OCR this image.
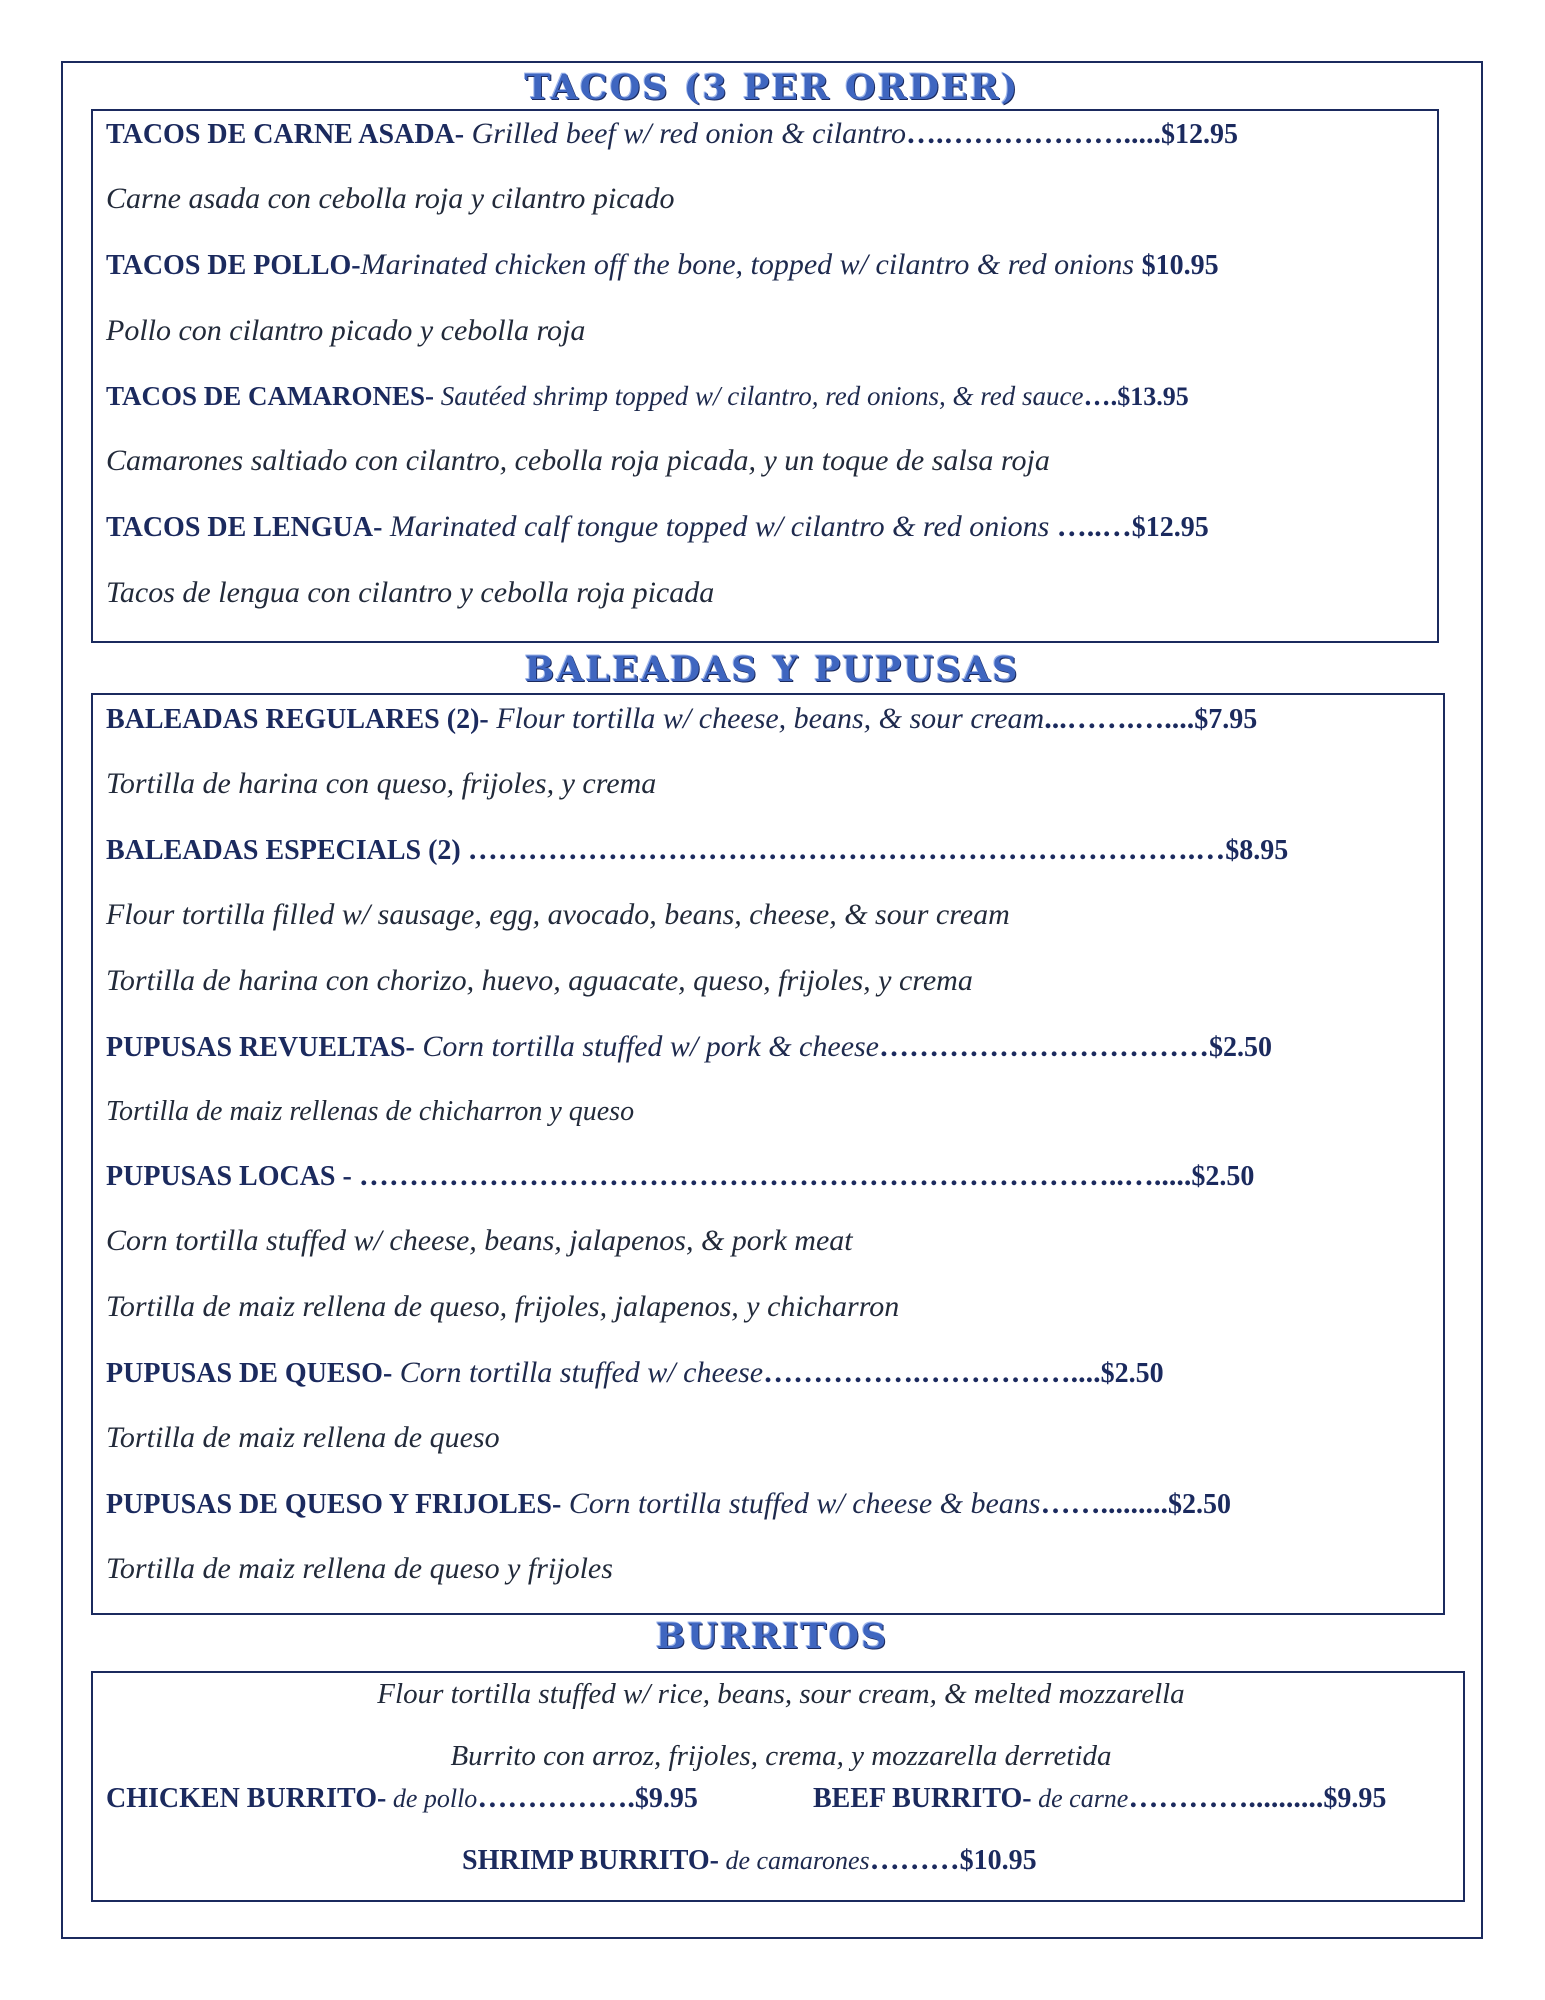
TACOS (3 PER ORDER)
TACOS DE CARNE ASADA- Grilled beef w/ red onion & cilantro….……………….....$12.95
Carne asada con cebolla roja y cilantro picado
TACOS DE POLLO-Marinated chicken off the bone, topped w/ cilantro & red onions $10.95
Pollo con cilantro picado y cebolla roja
TACOS DE CAMARONES- Sautéed shrimp topped w/ cilantro, red onions, & red sauce….$13.95
Camarones saltiado con cilantro, cebolla roja picada, y un toque de salsa roja
TACOS DE LENGUA- Marinated calf tongue topped w/ cilantro & red onions …..…$12.95
Tacos de lengua con cilantro y cebolla roja picada
BALEADAS Y PUPUSAS
BALEADAS REGULARES (2)- Flour tortilla w/ cheese, beans, & sour cream...…….…....$7.95
Tortilla de harina con queso, frijoles, y crema
BALEADAS ESPECIALS (2) ……………………………………………………………….…$8.95
Flour tortilla filled w/ sausage, egg, avocado, beans, cheese, & sour cream
Tortilla de harina con chorizo, huevo, aguacate, queso, frijoles, y crema
PUPUSAS REVUELTAS- Corn tortilla stuffed w/ pork & cheese……………………………$2.50
Tortilla de maiz rellenas de chicharron y queso
PUPUSAS LOCAS - …………………………………………………………………..….....$2.50
Corn tortilla stuffed w/ cheese, beans, jalapenos, & pork meat
Tortilla de maiz rellena de queso, frijoles, jalapenos, y chicharron
PUPUSAS DE QUESO- Corn tortilla stuffed w/ cheese…………….……………....$2.50
Tortilla de maiz rellena de queso
PUPUSAS DE QUESO Y FRIJOLES- Corn tortilla stuffed w/ cheese & beans…….........$2.50
Tortilla de maiz rellena de queso y frijoles
BURRITOS
Flour tortilla stuffed w/ rice, beans, sour cream, & melted mozzarella
Burrito con arroz, frijoles, crema, y mozzarella derretida
CHICKEN BURRITO- de pollo…………….$9.95	BEEF BURRITO- de carne…………..........$9.95
SHRIMP BURRITO- de camarones………$10.95
